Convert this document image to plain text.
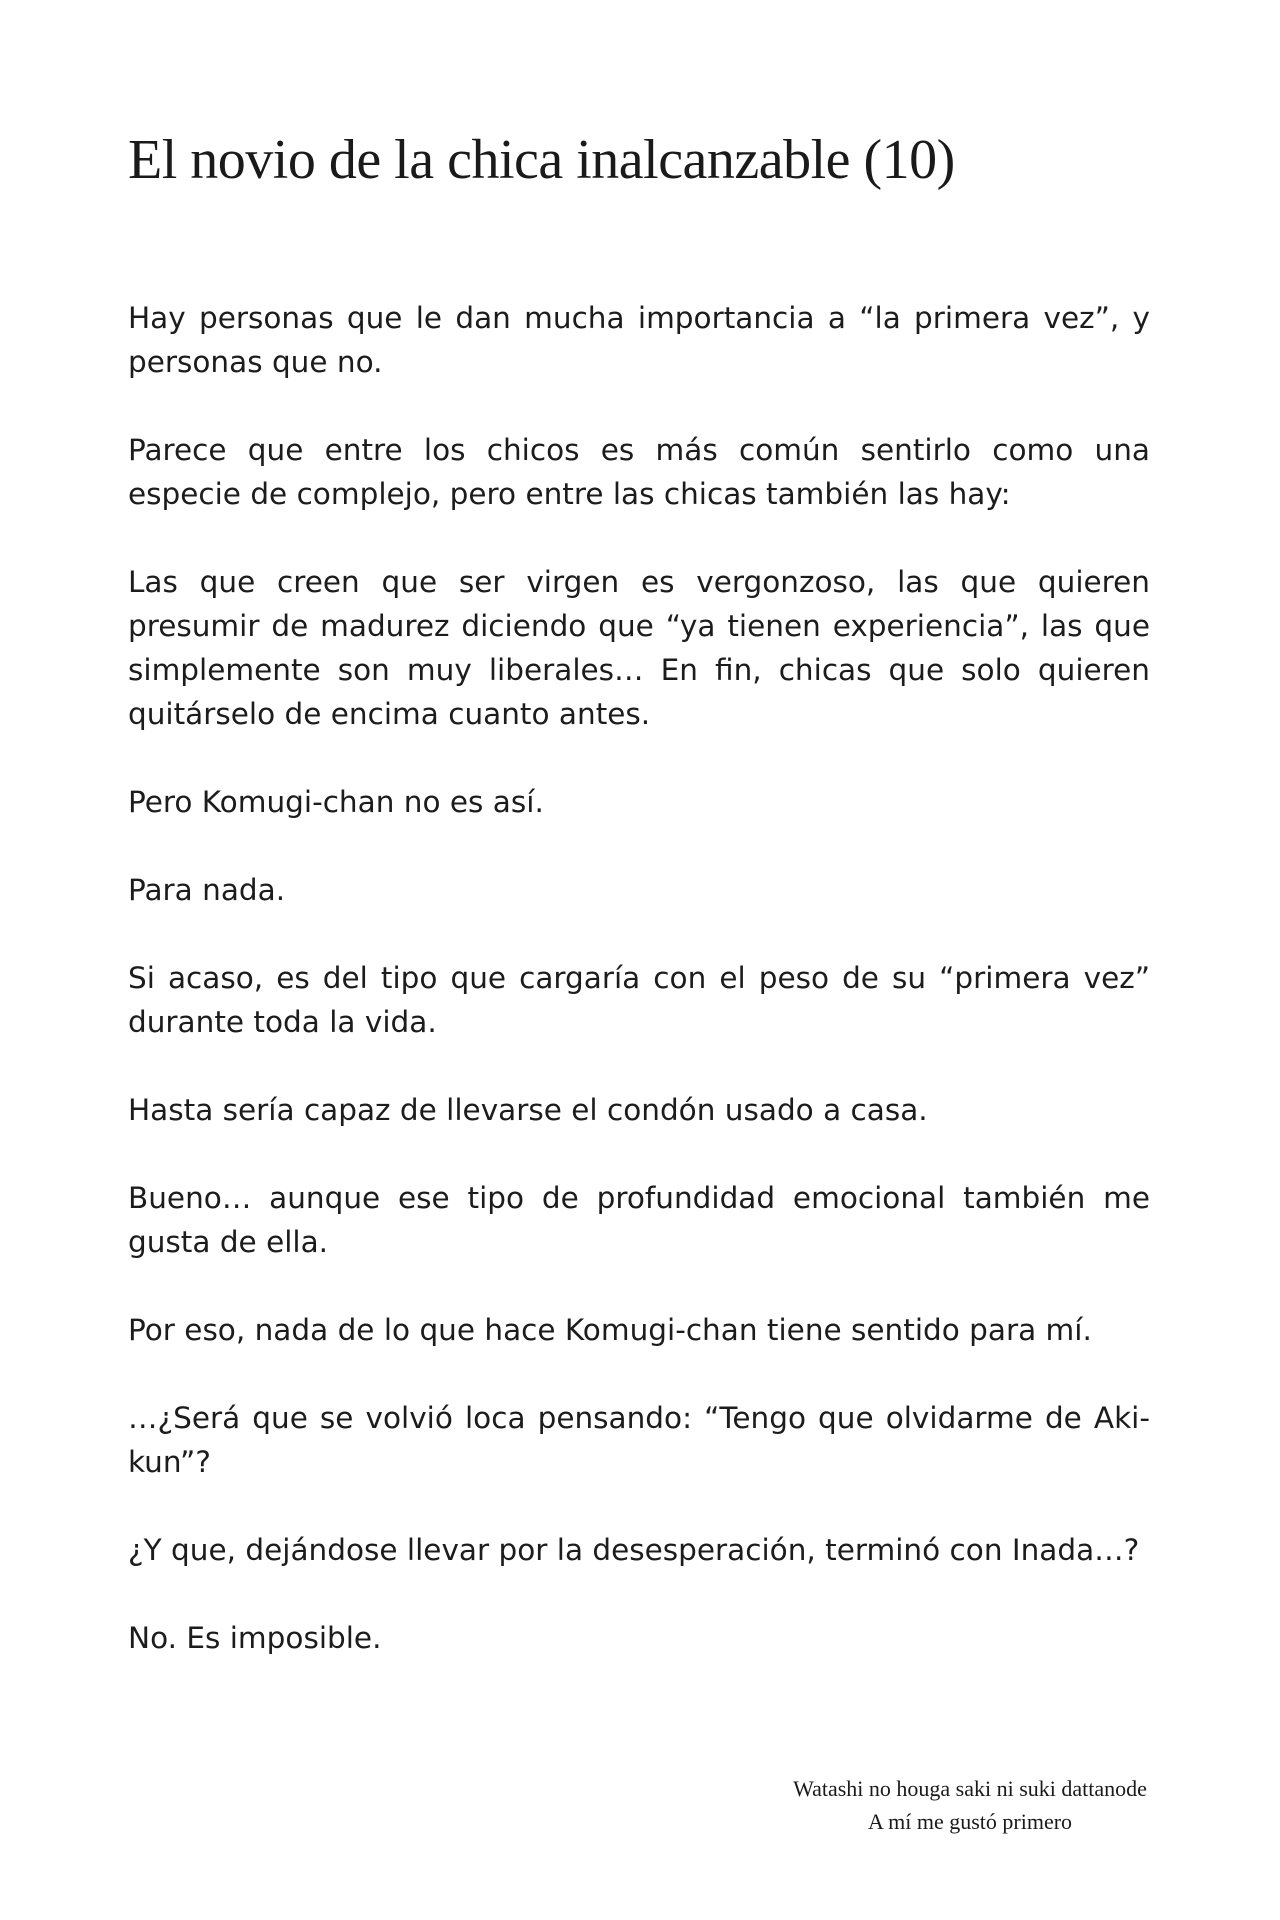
El novio de la chica inalcanzable (10)

Hay personas que le dan mucha importancia a “la primera vez”, y personas que no.

Parece que entre los chicos es más común sentirlo como una especie de complejo, pero entre las chicas también las hay:

Las que creen que ser virgen es vergonzoso, las que quieren presumir de madurez diciendo que “ya tienen experiencia”, las que simplemente son muy liberales… En fin, chicas que solo quieren quitárselo de encima cuanto antes.

Pero Komugi-chan no es así.

Para nada.

Si acaso, es del tipo que cargaría con el peso de su “primera vez” durante toda la vida.

Hasta sería capaz de llevarse el condón usado a casa.

Bueno… aunque ese tipo de profundidad emocional también me gusta de ella.

Por eso, nada de lo que hace Komugi-chan tiene sentido para mí.

…¿Será que se volvió loca pensando: “Tengo que olvidarme de Aki-kun”?

¿Y que, dejándose llevar por la desesperación, terminó con Inada…?

No. Es imposible.

Watashi no houga saki ni suki dattanode
A mí me gustó primero
